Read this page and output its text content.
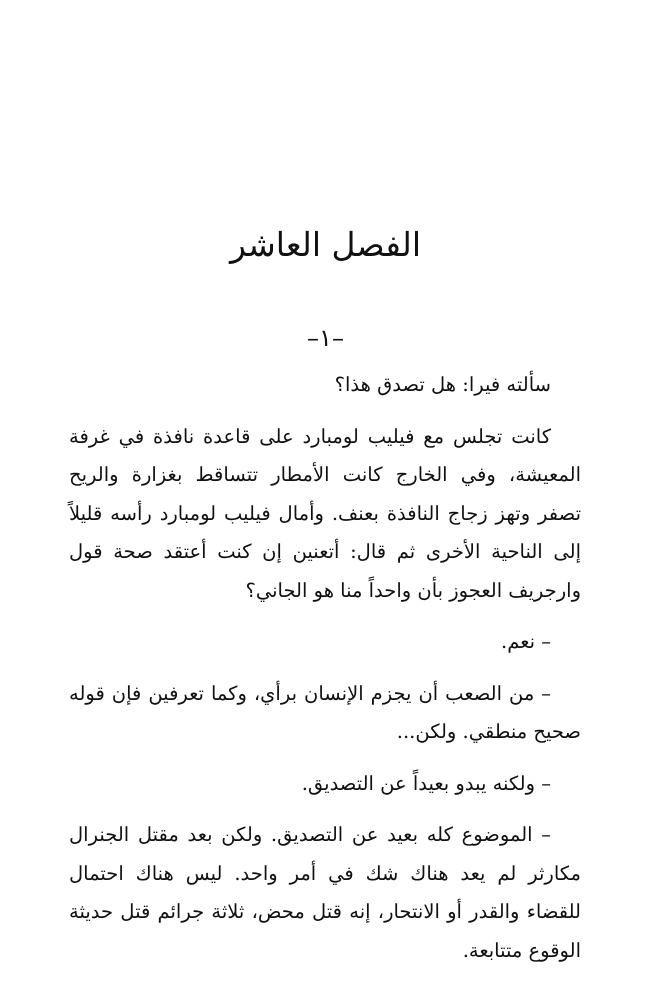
الفصل العاشر
–١–

سألته فيرا: هل تصدق هذا؟

كانت تجلس مع فيليب لومبارد على قاعدة نافذة في غرفة المعيشة، وفي الخارج كانت الأمطار تتساقط بغزارة والريح تصفر وتهز زجاج النافذة بعنف. وأمال فيليب لومبارد رأسه قليلاً إلى الناحية الأخرى ثم قال: أتعنين إن كنت أعتقد صحة قول وارجريف العجوز بأن واحداً منا هو الجاني؟

– نعم.

– من الصعب أن يجزم الإنسان برأي، وكما تعرفين فإن قوله صحيح منطقي. ولكن...

– ولكنه يبدو بعيداً عن التصديق.

– الموضوع كله بعيد عن التصديق. ولكن بعد مقتل الجنرال مكارثر لم يعد هناك شك في أمر واحد. ليس هناك احتمال للقضاء والقدر أو الانتحار، إنه قتل محض، ثلاثة جرائم قتل حديثة الوقوع متتابعة.
